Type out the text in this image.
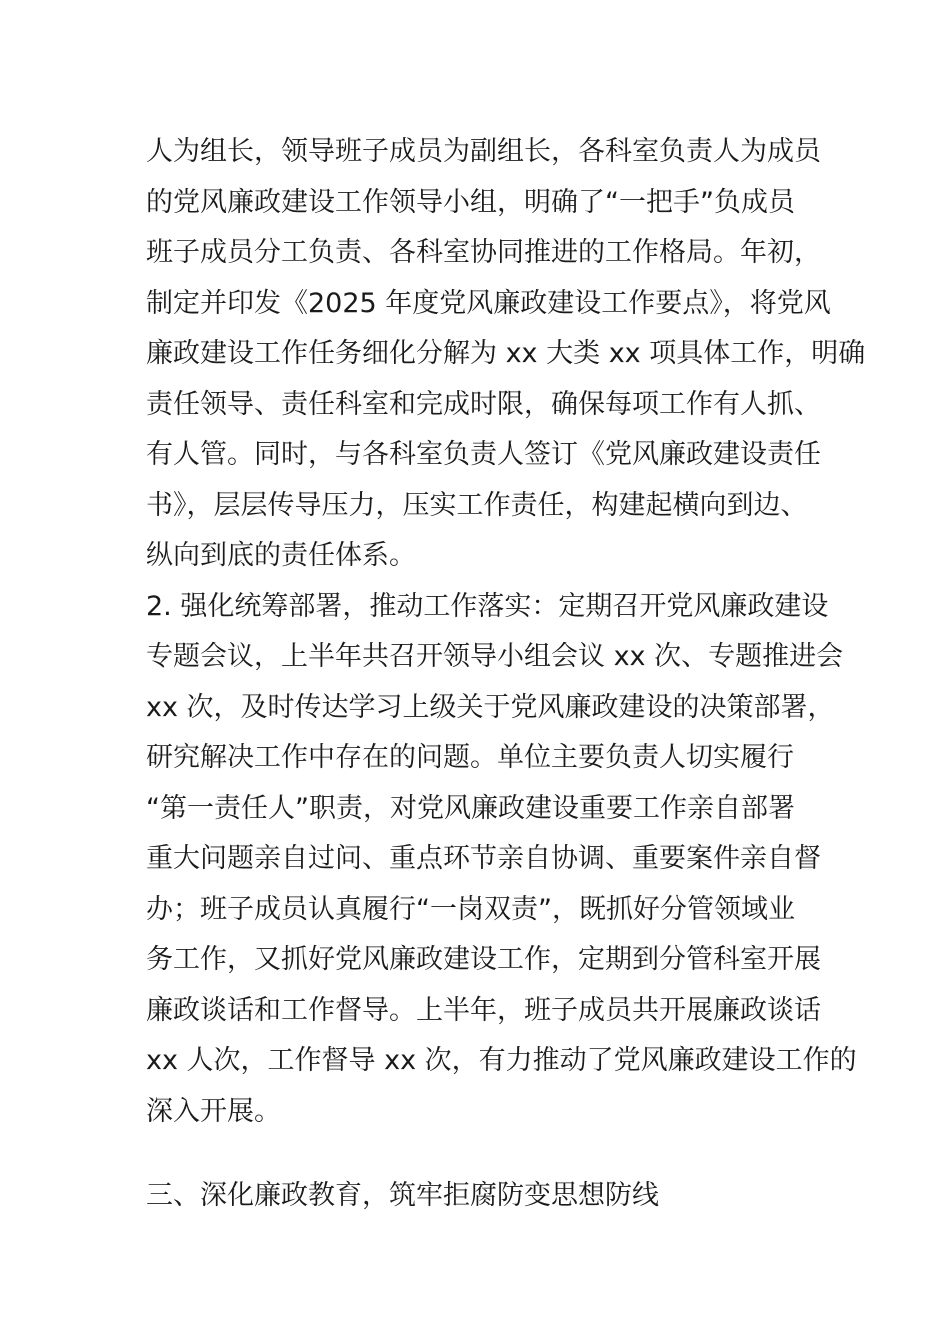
人为组长，领导班子成员为副组长，各科室负责人为成员
的党风廉政建设工作领导小组，明确了“一把手”负成员
班子成员分工负责、各科室协同推进的工作格局。年初，
制定并印发《2025 年度党风廉政建设工作要点》，将党风
廉政建设工作任务细化分解为 xx 大类 xx 项具体工作，明确
责任领导、责任科室和完成时限，确保每项工作有人抓、
有人管。同时，与各科室负责人签订《党风廉政建设责任
书》，层层传导压力，压实工作责任，构建起横向到边、
纵向到底的责任体系。
2. 强化统筹部署，推动工作落实：定期召开党风廉政建设
专题会议，上半年共召开领导小组会议 xx 次、专题推进会
xx 次，及时传达学习上级关于党风廉政建设的决策部署，
研究解决工作中存在的问题。单位主要负责人切实履行
“第一责任人”职责，对党风廉政建设重要工作亲自部署
重大问题亲自过问、重点环节亲自协调、重要案件亲自督
办；班子成员认真履行“一岗双责”，既抓好分管领域业
务工作，又抓好党风廉政建设工作，定期到分管科室开展
廉政谈话和工作督导。上半年，班子成员共开展廉政谈话
xx 人次，工作督导 xx 次，有力推动了党风廉政建设工作的
深入开展。
三、深化廉政教育，筑牢拒腐防变思想防线
